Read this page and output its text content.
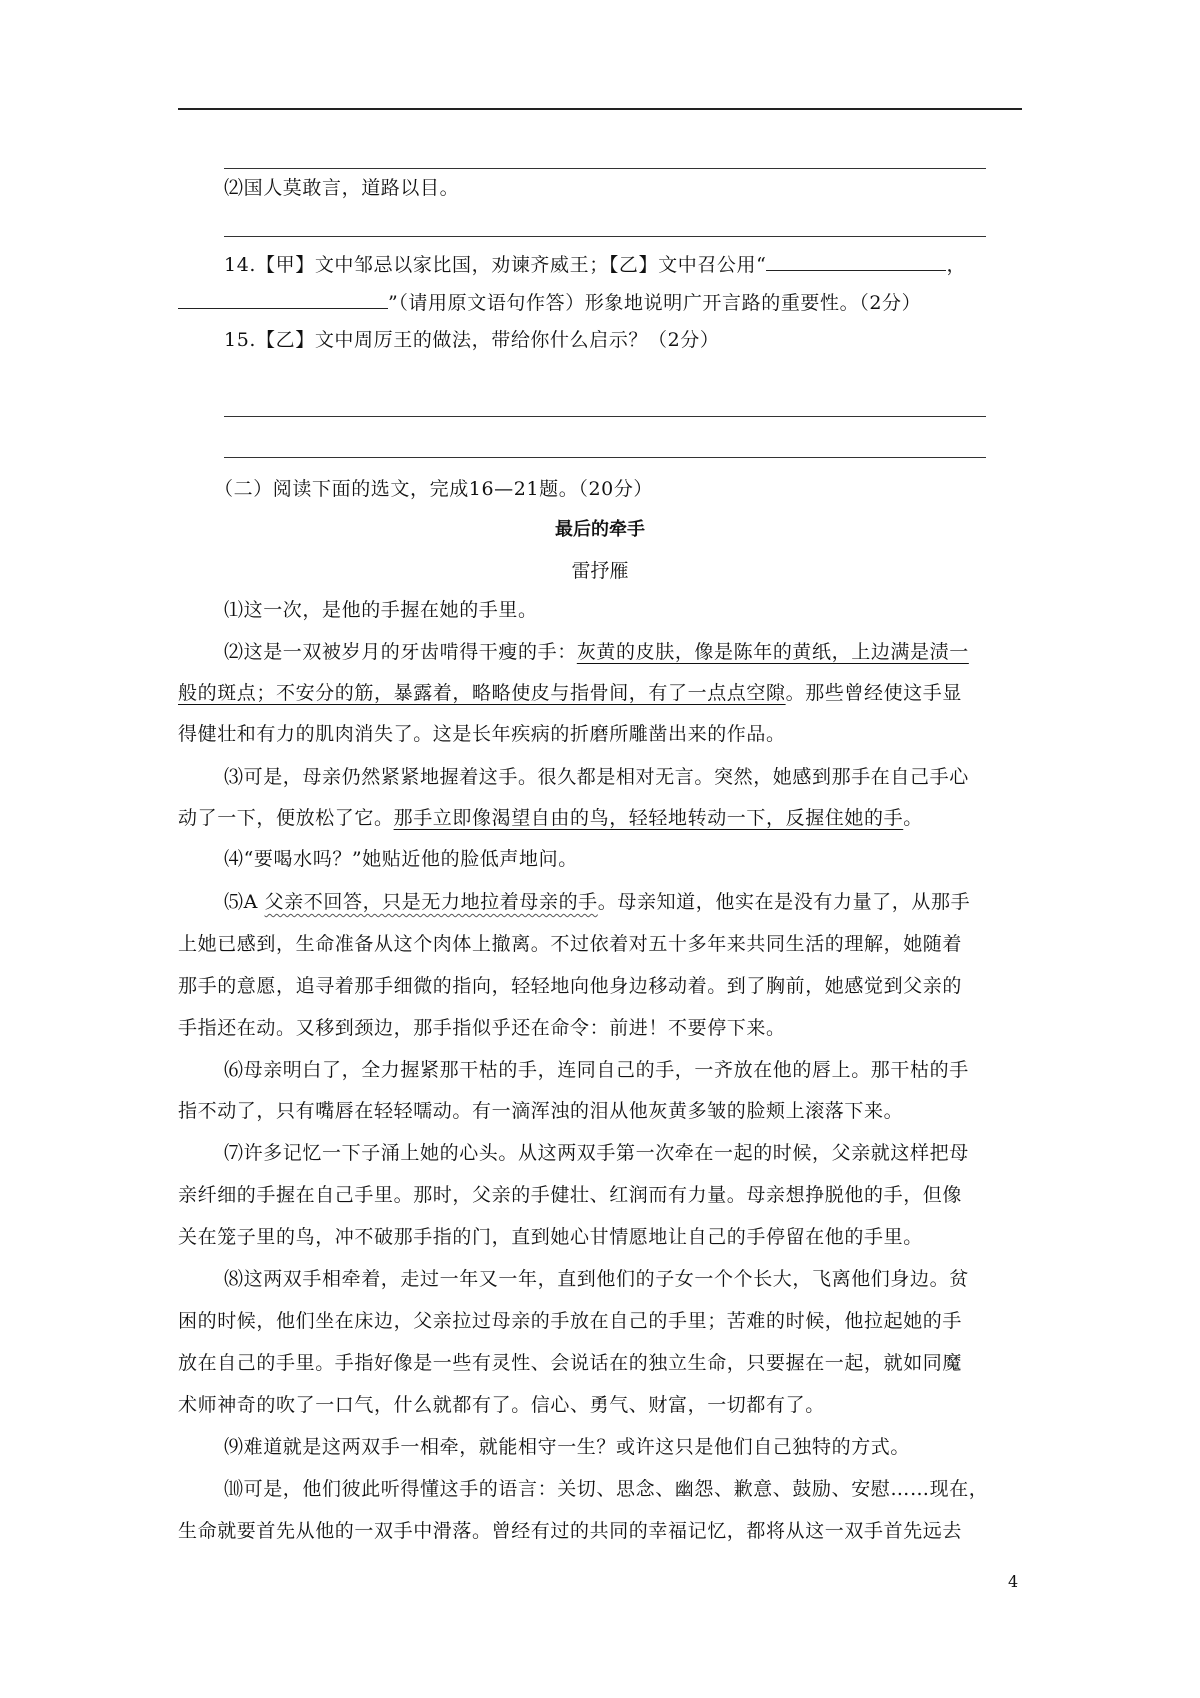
⑵国人莫敢言，道路以目。
14.【甲】文中邹忌以家比国，劝谏齐威王；【乙】文中召公用“	，
”（请用原文语句作答）形象地说明广开言路的重要性。（2分）
15.【乙】文中周厉王的做法，带给你什么启示？（2分）
（二）阅读下面的选文，完成16—21题。（20分）
最后的牵手
雷抒雁
⑴这一次，是他的手握在她的手里。
⑵这是一双被岁月的牙齿啃得干瘦的手：灰黄的皮肤，像是陈年的黄纸，上边满是渍一
般的斑点；不安分的筋，暴露着，略略使皮与指骨间，有了一点点空隙。那些曾经使这手显
得健壮和有力的肌肉消失了。这是长年疾病的折磨所雕凿出来的作品。
⑶可是，母亲仍然紧紧地握着这手。很久都是相对无言。突然，她感到那手在自己手心
动了一下，便放松了它。那手立即像渴望自由的鸟，轻轻地转动一下，反握住她的手。
⑷“要喝水吗？”她贴近他的脸低声地问。
⑸A 父亲不回答，只是无力地拉着母亲的手。母亲知道，他实在是没有力量了，从那手
上她已感到，生命准备从这个肉体上撤离。不过依着对五十多年来共同生活的理解，她随着
那手的意愿，追寻着那手细微的指向，轻轻地向他身边移动着。到了胸前，她感觉到父亲的
手指还在动。又移到颈边，那手指似乎还在命令：前进！不要停下来。
⑹母亲明白了，全力握紧那干枯的手，连同自己的手，一齐放在他的唇上。那干枯的手
指不动了，只有嘴唇在轻轻嚅动。有一滴浑浊的泪从他灰黄多皱的脸颊上滚落下来。
⑺许多记忆一下子涌上她的心头。从这两双手第一次牵在一起的时候，父亲就这样把母
亲纤细的手握在自己手里。那时，父亲的手健壮、红润而有力量。母亲想挣脱他的手，但像
关在笼子里的鸟，冲不破那手指的门，直到她心甘情愿地让自己的手停留在他的手里。
⑻这两双手相牵着，走过一年又一年，直到他们的子女一个个长大，飞离他们身边。贫
困的时候，他们坐在床边，父亲拉过母亲的手放在自己的手里；苦难的时候，他拉起她的手
放在自己的手里。手指好像是一些有灵性、会说话在的独立生命，只要握在一起，就如同魔
术师神奇的吹了一口气，什么就都有了。信心、勇气、财富，一切都有了。
⑼难道就是这两双手一相牵，就能相守一生？或许这只是他们自己独特的方式。
⑽可是，他们彼此听得懂这手的语言：关切、思念、幽怨、歉意、鼓励、安慰……现在，
生命就要首先从他的一双手中滑落。曾经有过的共同的幸福记忆，都将从这一双手首先远去
4
